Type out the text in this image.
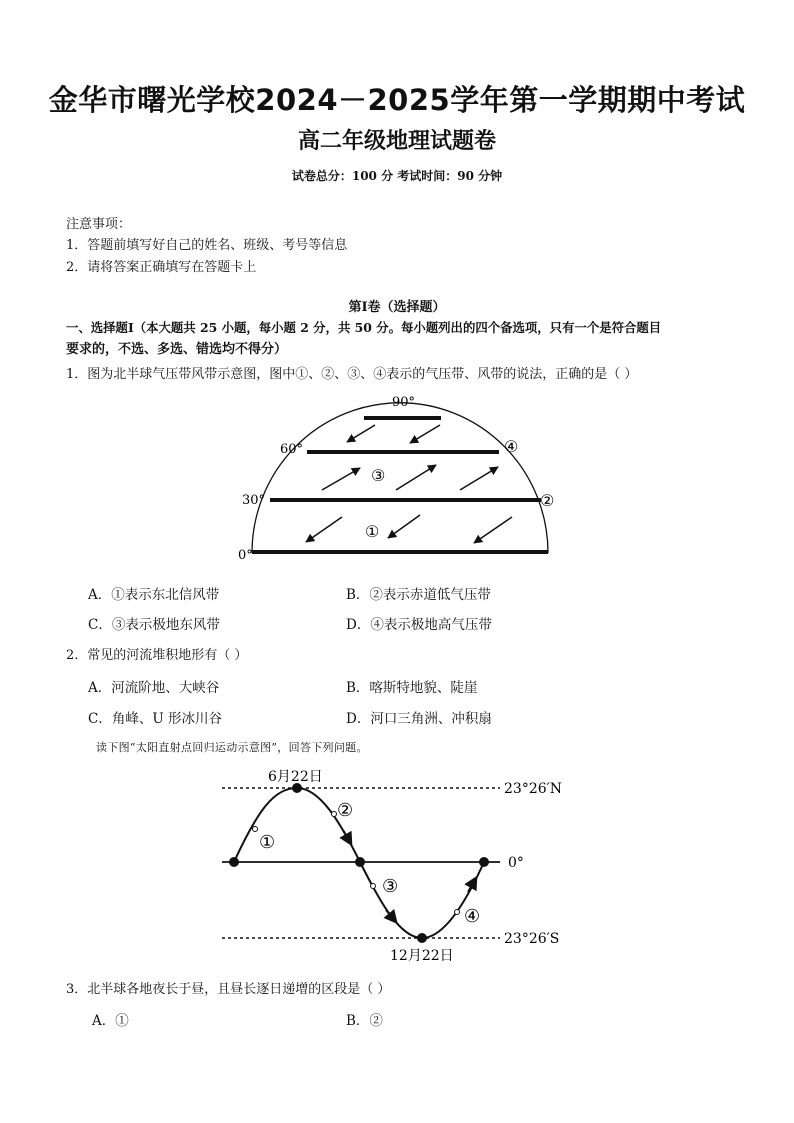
金华市曙光学校2024－2025学年第一学期期中考试
高二年级地理试题卷
试卷总分：100 分 考试时间：90 分钟
注意事项：
1．答题前填写好自己的姓名、班级、考号等信息
2．请将答案正确填写在答题卡上
第Ⅰ卷（选择题）
一、选择题Ⅰ（本大题共 25 小题，每小题 2 分，共 50 分。每小题列出的四个备选项，只有一个是符合题目
要求的，不选、多选、错选均不得分）
1．图为北半球气压带风带示意图，图中①、②、③、④表示的气压带、风带的说法，正确的是（ ）
90°
60°
30°
0°
①
②
③
④
A．①表示东北信风带	B．②表示赤道低气压带
C．③表示极地东风带	D．④表示极地高气压带
2．常见的河流堆积地形有（ ）
A．河流阶地、大峡谷	B．喀斯特地貌、陡崖
C．角峰、U 形冰川谷	D．河口三角洲、冲积扇
读下图“太阳直射点回归运动示意图”，回答下列问题。
6月22日
12月22日
23°26′N
0°
23°26′S
①
②
③
④
3．北半球各地夜长于昼，且昼长逐日递增的区段是（ ）
A．①	B．②
